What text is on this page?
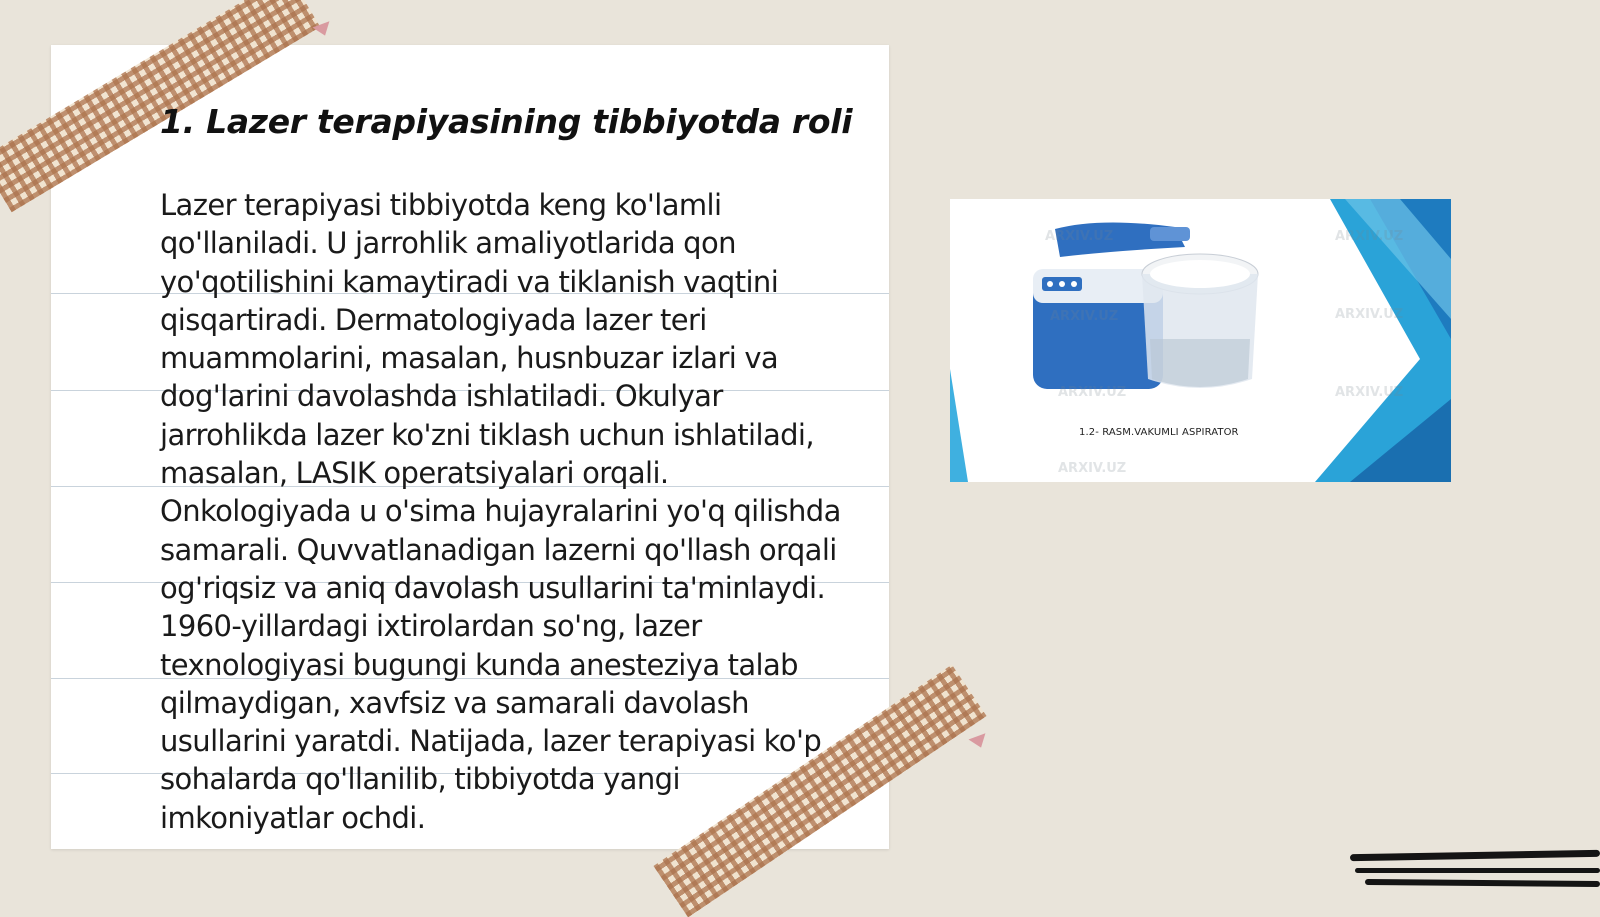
1. Lazer terapiyasining tibbiyotda roli

Lazer terapiyasi tibbiyotda keng ko'lamli qo'llaniladi. U jarrohlik amaliyotlarida qon yo'qotilishini kamaytiradi va tiklanish vaqtini qisqartiradi. Dermatologiyada lazer teri muammolarini, masalan, husnbuzar izlari va dog'larini davolashda ishlatiladi. Okulyar jarrohlikda lazer ko'zni tiklash uchun ishlatiladi, masalan, LASIK operatsiyalari orqali. Onkologiyada u o'sima hujayralarini yo'q qilishda samarali. Quvvatlanadigan lazerni qo'llash orqali og'riqsiz va aniq davolash usullarini ta'minlaydi. 1960-yillardagi ixtirolardan so'ng, lazer texnologiyasi bugungi kunda anesteziya talab qilmaydigan, xavfsiz va samarali davolash usullarini yaratdi. Natijada, lazer terapiyasi ko'p sohalarda qo'llanilib, tibbiyotda yangi imkoniyatlar ochdi.

ARXIV.UZ
ARXIV.UZ
ARXIV.UZ
ARXIV.UZ
ARXIV.UZ
ARXIV.UZ
ARXIV.UZ
1.2- RASM.VAKUMLI ASPIRATOR
